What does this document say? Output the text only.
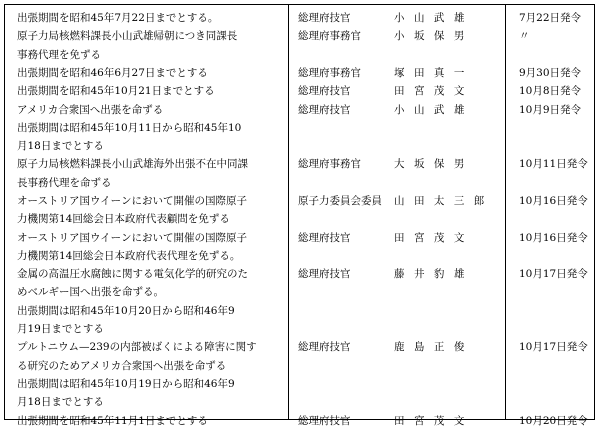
出張期間を昭和45年7月22日までとする。	総理府技官	小山武雄	7月22日発令
原子力局核燃料課長小山武雄帰朝につき同課長
事務代理を免ずる
総理府事務官	小坂保男	〃
出張期間を昭和46年6月27日までとする	総理府事務官	塚田真一	9月30日発令
出張期間を昭和45年10月21日までとする	総理府技官	田宮茂文	10月8日発令
アメリカ合衆国へ出張を命ずる
出張期間は昭和45年10月11日から昭和45年10
月18日までとする
総理府技官	小山武雄	10月9日発令
原子力局核燃料課長小山武雄海外出張不在中同課
長事務代理を命ずる
総理府事務官	大坂保男	10月11日発令
オーストリア国ウイーンにおいて開催の国際原子
力機関第14回総会日本政府代表顧問を免ずる
原子力委員会委員 山田太三郎 10月16日発令
オーストリア国ウイーンにおいて開催の国際原子
力機関第14回総会日本政府代表代理を免ずる。
総理府技官	田宮茂文	10月16日発令
金属の高温圧水腐蝕に関する電気化学的研究のた
めベルギー国へ出張を命ずる。
出張期間は昭和45年10月20日から昭和46年9
月19日までとする
総理府技官	藤井豹雄	10月17日発令
プルトニウム—239の内部被ばくによる障害に関す
る研究のためアメリカ合衆国へ出張を命ずる
出張期間は昭和45年10月19日から昭和46年9
月18日までとする
総理府技官	鹿島正俊	10月17日発令
出張期間を昭和45年11月1日までとする	総理府技官	田宮茂文	10月20日発令
